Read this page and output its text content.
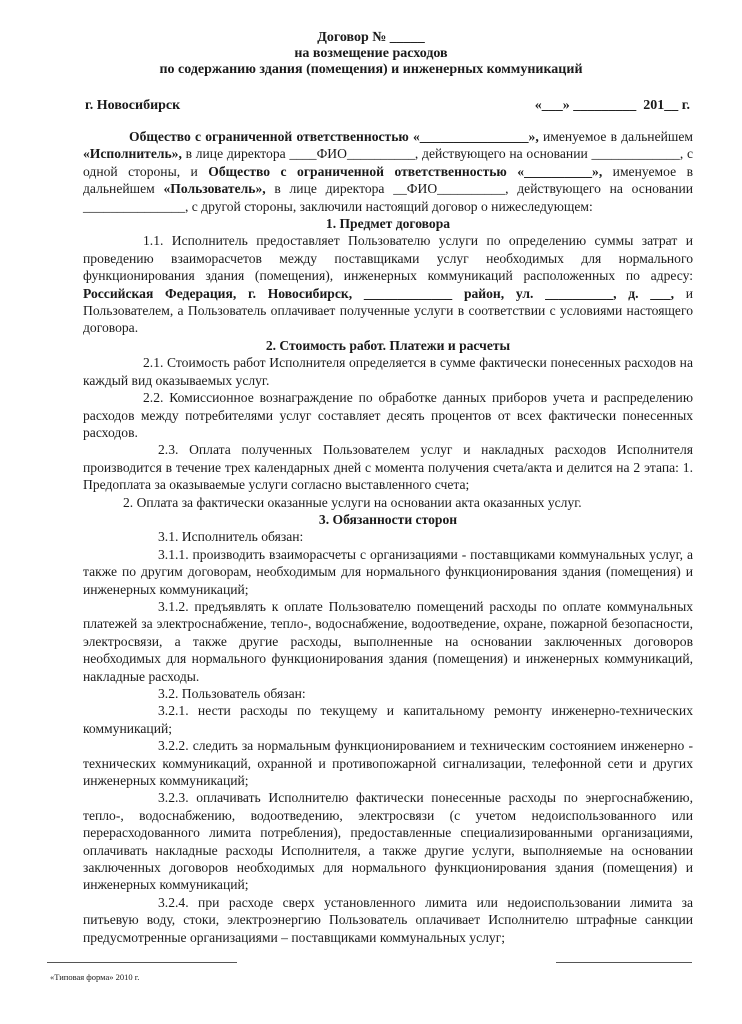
Договор № _____
на возмещение расходов
по содержанию здания (помещения) и инженерных коммуникаций
г. Новосибирск	«___» _________  201__ г.

Общество с ограниченной ответственностью «________________», именуемое в дальнейшем «Исполнитель», в лице директора ____ФИО__________, действующего на основании _____________, с одной стороны, и Общество с ограниченной ответственностью «__________», именуемое в дальнейшем «Пользователь», в лице директора __ФИО__________, действующего на основании _______________, с другой стороны, заключили настоящий договор о нижеследующем:

1. Предмет договора

1.1. Исполнитель предоставляет Пользователю услуги по определению суммы затрат и проведению взаиморасчетов между поставщиками услуг необходимых для нормального функционирования здания (помещения), инженерных коммуникаций расположенных по адресу: Российская Федерация, г. Новосибирск, _____________ район, ул. __________, д. ___, и Пользователем, а Пользователь оплачивает полученные услуги в соответствии с условиями настоящего договора.

2. Стоимость работ. Платежи и расчеты

2.1. Стоимость работ Исполнителя определяется в сумме фактически понесенных расходов на каждый вид оказываемых услуг.

2.2. Комиссионное вознаграждение по обработке данных приборов учета и распределению расходов между потребителями услуг составляет десять процентов от всех фактически понесенных расходов.

2.3. Оплата полученных Пользователем услуг и накладных расходов Исполнителя производится в течение трех календарных дней с момента получения счета/акта и делится на 2 этапа: 1. Предоплата за оказываемые услуги согласно выставленного счета;

2. Оплата за фактически оказанные услуги на основании акта оказанных услуг.

3. Обязанности сторон

3.1. Исполнитель обязан:

3.1.1. производить взаиморасчеты с организациями - поставщиками коммунальных услуг, а также по другим договорам, необходимым для нормального функционирования здания (помещения) и инженерных коммуникаций;

3.1.2. предъявлять к оплате Пользователю помещений расходы по оплате коммунальных платежей за электроснабжение, тепло-, водоснабжение, водоотведение, охране, пожарной безопасности, электросвязи, а также другие расходы, выполненные на основании заключенных договоров необходимых для нормального функционирования здания (помещения) и инженерных коммуникаций, накладные расходы.

3.2. Пользователь обязан:

3.2.1. нести расходы по текущему и капитальному ремонту инженерно-технических коммуникаций;

3.2.2. следить за нормальным функционированием и техническим состоянием инженерно - технических коммуникаций, охранной и противопожарной сигнализации, телефонной сети и других инженерных коммуникаций;

3.2.3. оплачивать Исполнителю фактически понесенные расходы по энергоснабжению, тепло-, водоснабжению, водоотведению, электросвязи (с учетом недоиспользованного или перерасходованного лимита потребления), предоставленные специализированными организациями, оплачивать накладные расходы Исполнителя, а также другие услуги, выполняемые на основании заключенных договоров необходимых для нормального функционирования здания (помещения) и инженерных коммуникаций;

3.2.4. при расходе сверх установленного лимита или недоиспользовании лимита за питьевую воду, стоки, электроэнергию Пользователь оплачивает Исполнителю штрафные санкции предусмотренные организациями – поставщиками коммунальных услуг;

«Типовая форма» 2010 г.
